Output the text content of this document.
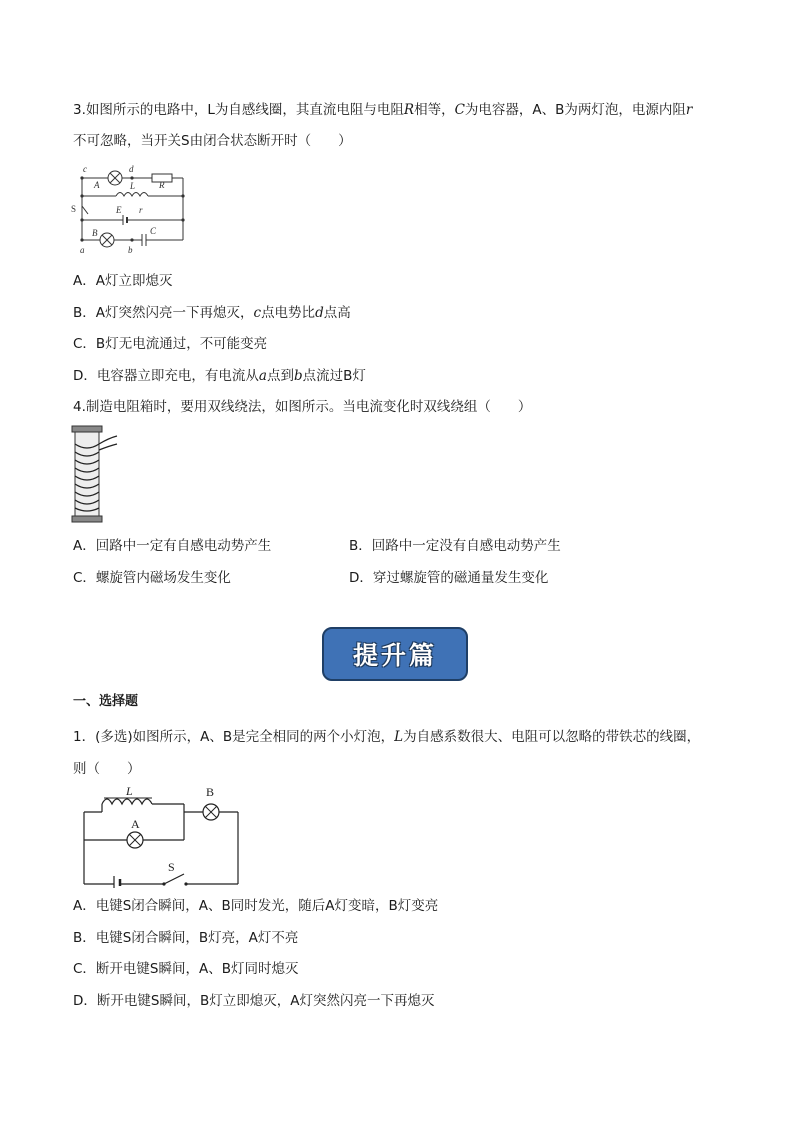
3.如图所示的电路中，L为自感线圈，其直流电阻与电阻R相等，C为电容器，A、B为两灯泡，电源内阻r
不可忽略，当开关S由闭合状态断开时（　　）
c
A
d
L	R
S	E r
B	C
a	b
A．A灯立即熄灭
B．A灯突然闪亮一下再熄灭，c点电势比d点高
C．B灯无电流通过，不可能变亮
D．电容器立即充电，有电流从a点到b点流过B灯
4.制造电阻箱时，要用双线绕法，如图所示。当电流变化时双线绕组（　　）
A．回路中一定有自感电动势产生	B．回路中一定没有自感电动势产生
C．螺旋管内磁场发生变化	D．穿过螺旋管的磁通量发生变化
提升篇
一、选择题
1．(多选)如图所示，A、B是完全相同的两个小灯泡，L为自感系数很大、电阻可以忽略的带铁芯的线圈，
则（　　）
L	B
A
S
A．电键S闭合瞬间，A、B同时发光，随后A灯变暗，B灯变亮
B．电键S闭合瞬间，B灯亮，A灯不亮
C．断开电键S瞬间，A、B灯同时熄灭
D．断开电键S瞬间，B灯立即熄灭，A灯突然闪亮一下再熄灭
